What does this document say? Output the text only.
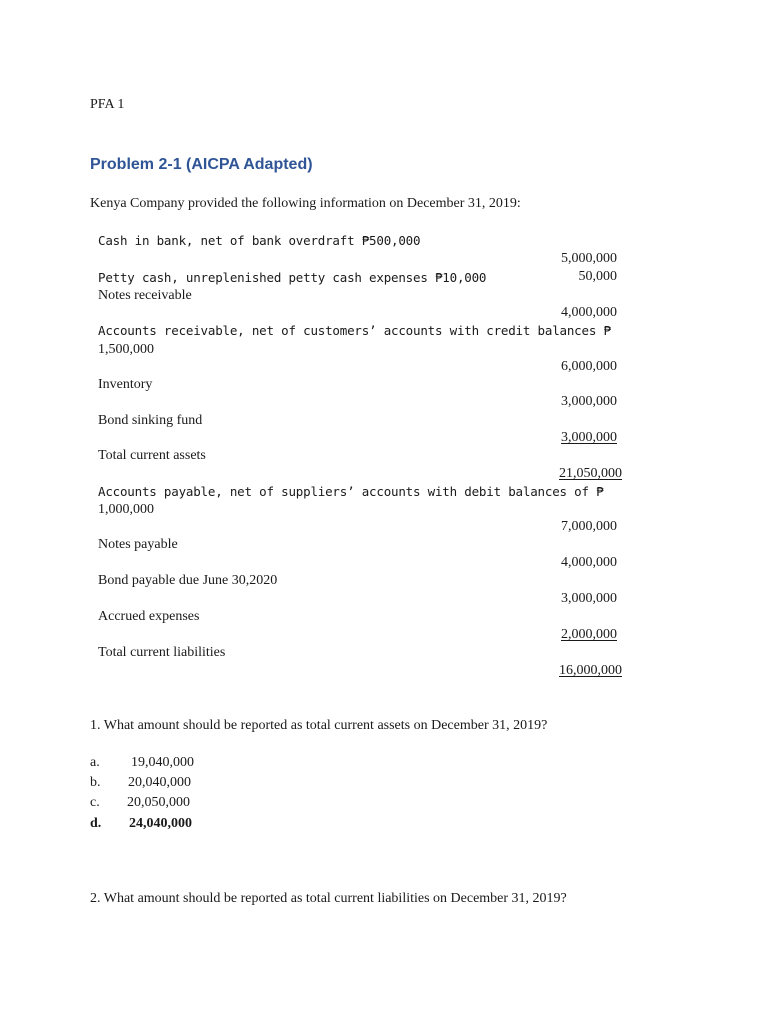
PFA 1
Problem 2-1 (AICPA Adapted)
Kenya Company provided the following information on December 31, 2019:
Cash in bank, net of bank overdraft ₱500,000
Petty cash, unreplenished petty cash expenses ₱10,000
Notes receivable
Accounts receivable, net of customers’ accounts with credit balances ₱
1,500,000
Inventory
Bond sinking fund
Total current assets
Accounts payable, net of suppliers’ accounts with debit balances of ₱
1,000,000
Notes payable
Bond payable due June 30,2020
Accrued expenses
Total current liabilities
5,000,000
50,000
4,000,000
6,000,000
3,000,000
3,000,000
21,050,000
7,000,000
4,000,000
3,000,000
2,000,000
16,000,000
1. What amount should be reported as total current assets on December 31, 2019?
a. 19,040,000
b. 20,040,000
c. 20,050,000
d. 24,040,000
2. What amount should be reported as total current liabilities on December 31, 2019?
